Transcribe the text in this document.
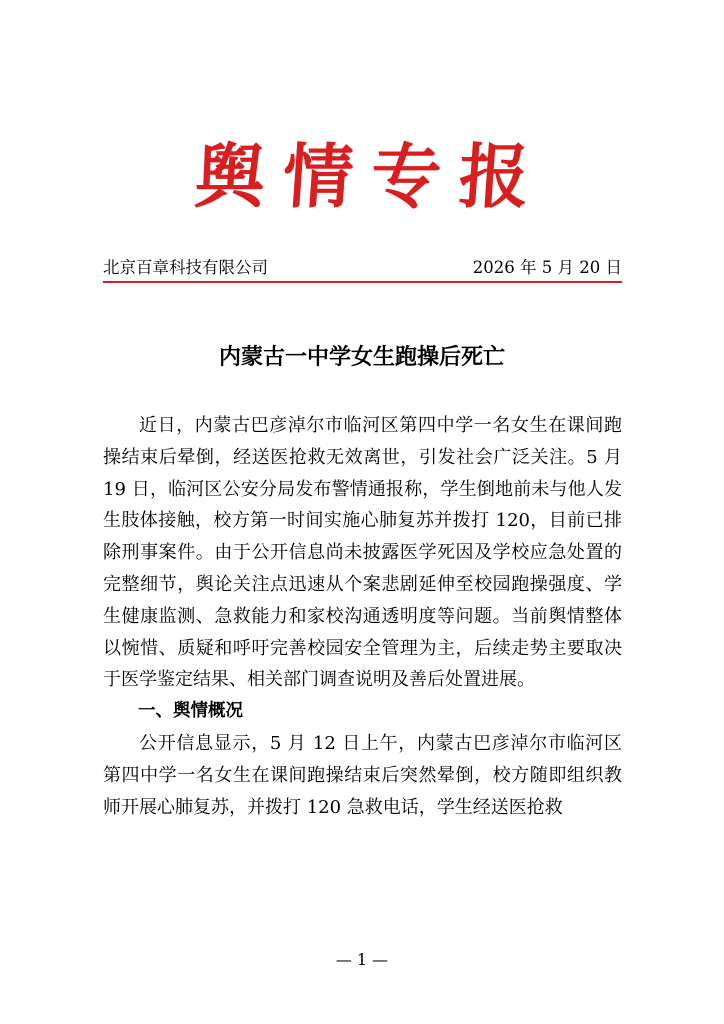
舆情专报
北京百章科技有限公司	2026 年 5 月 20 日
内蒙古一中学女生跑操后死亡

近日，内蒙古巴彦淖尔市临河区第四中学一名女生在课间跑操结束后晕倒，经送医抢救无效离世，引发社会广泛关注。5 月 19 日，临河区公安分局发布警情通报称，学生倒地前未与他人发生肢体接触，校方第一时间实施心肺复苏并拨打 120，目前已排除刑事案件。由于公开信息尚未披露医学死因及学校应急处置的完整细节，舆论关注点迅速从个案悲剧延伸至校园跑操强度、学生健康监测、急救能力和家校沟通透明度等问题。当前舆情整体以惋惜、质疑和呼吁完善校园安全管理为主，后续走势主要取决于医学鉴定结果、相关部门调查说明及善后处置进展。

一、舆情概况

公开信息显示，5 月 12 日上午，内蒙古巴彦淖尔市临河区第四中学一名女生在课间跑操结束后突然晕倒，校方随即组织教师开展心肺复苏，并拨打 120 急救电话，学生经送医抢救

— 1 —
